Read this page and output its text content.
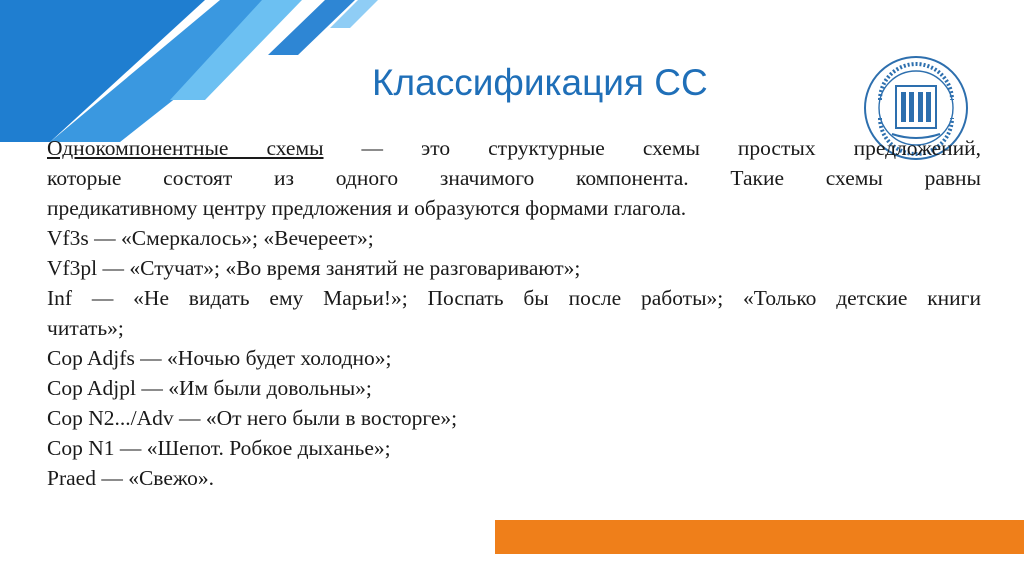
Классификация СС

Однокомпонентные схемы — это структурные схемы простых предложений,

которые состоят из одного значимого компонента. Такие схемы равны

предикативному центру предложения и образуются формами глагола.

Vf3s — «Смеркалось»; «Вечереет»;

Vf3pl — «Стучат»; «Во время занятий не разговаривают»;

Inf — «Не видать ему Марьи!»; Поспать бы после работы»; «Только детские книги

читать»;

Cop Adjfs — «Ночью будет холодно»;

Cop Adjpl — «Им были довольны»;

Cop N2.../Adv — «От него были в восторге»;

Cop N1 — «Шепот. Робкое дыханье»;

Praed — «Свежо».
